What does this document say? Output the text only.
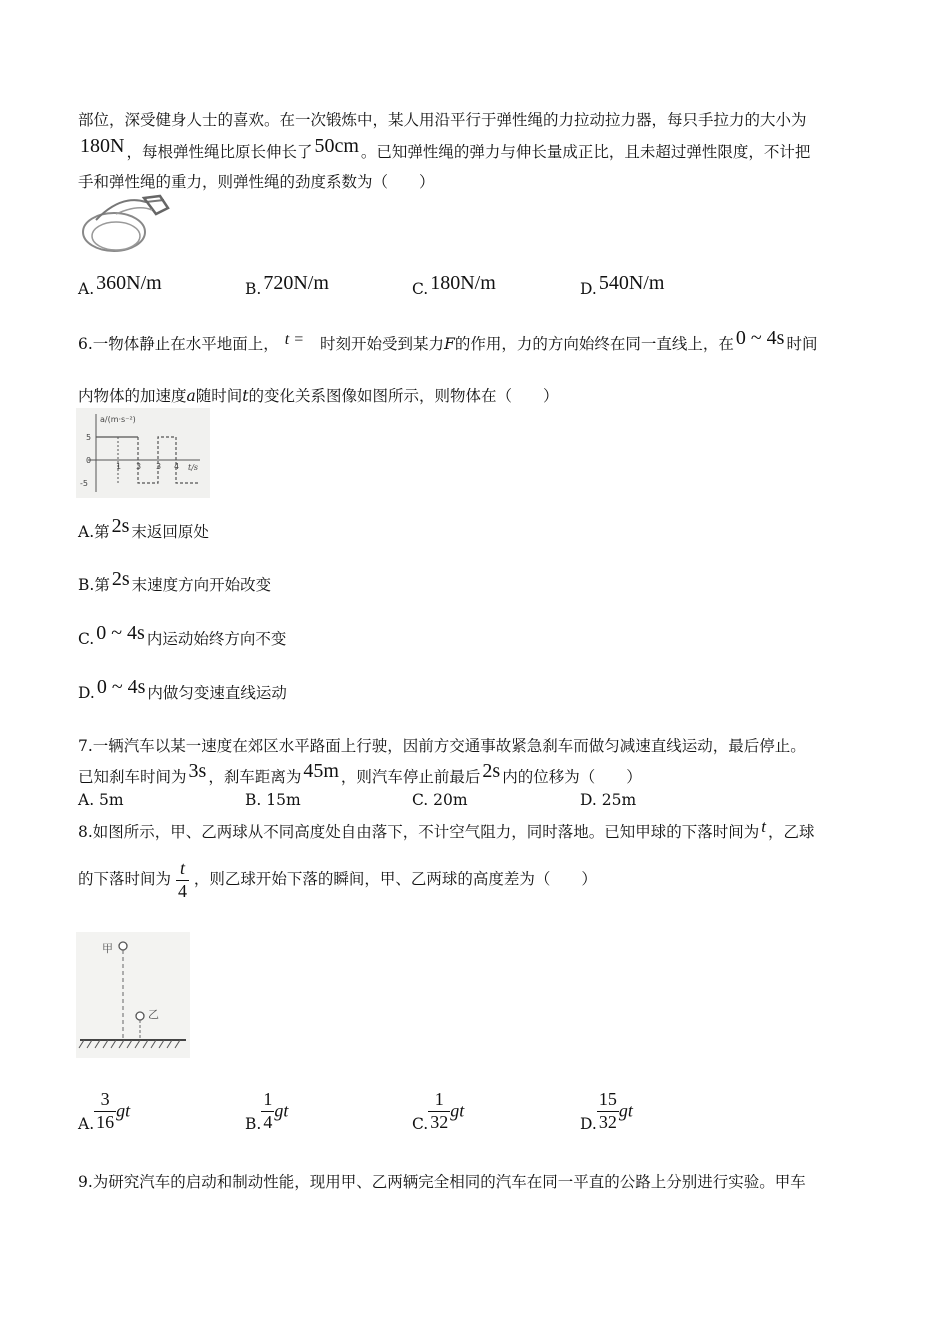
部位，深受健身人士的喜欢。在一次锻炼中，某人用沿平行于弹性绳的力拉动拉力器，每只手拉力的大小为
180N ，每根弹性绳比原长伸长了 50cm 。已知弹性绳的弹力与伸长量成正比，且未超过弹性限度，不计把
手和弹性绳的重力，则弹性绳的劲度系数为（　　）
A. 360N/m	B. 720N/m	C. 180N/m	D. 540N/m
6.一物体静止在水平地面上， t = 时刻开始受到某力F的作用，力的方向始终在同一直线上，在 0 ~ 4s 时间
内物体的加速度a随时间t的变化关系图像如图所示，则物体在（　　）
a/(m·s⁻²)
t/s
5
0
-5
1 3 3 4
A.第 2s 末返回原处
B.第 2s 末速度方向开始改变
C. 0 ~ 4s 内运动始终方向不变
D. 0 ~ 4s 内做匀变速直线运动
7.一辆汽车以某一速度在郊区水平路面上行驶，因前方交通事故紧急刹车而做匀减速直线运动，最后停止。
已知刹车时间为 3s ，刹车距离为 45m ，则汽车停止前最后 2s 内的位移为（　　）
A. 5m	B. 15m	C. 20m	D. 25m
8.如图所示，甲、乙两球从不同高度处自由落下，不计空气阻力，同时落地。已知甲球的下落时间为 t ，乙球
的下落时间为 $\frac{t}{4}$ ，则乙球开始下落的瞬间，甲、乙两球的高度差为（　　）
甲
乙
A. $\frac{3}{16}$ gt
B. $\frac{1}{4}$ gt
C. $\frac{1}{32}$ gt
D. $\frac{15}{32}$ gt
9.为研究汽车的启动和制动性能，现用甲、乙两辆完全相同的汽车在同一平直的公路上分别进行实验。甲车
